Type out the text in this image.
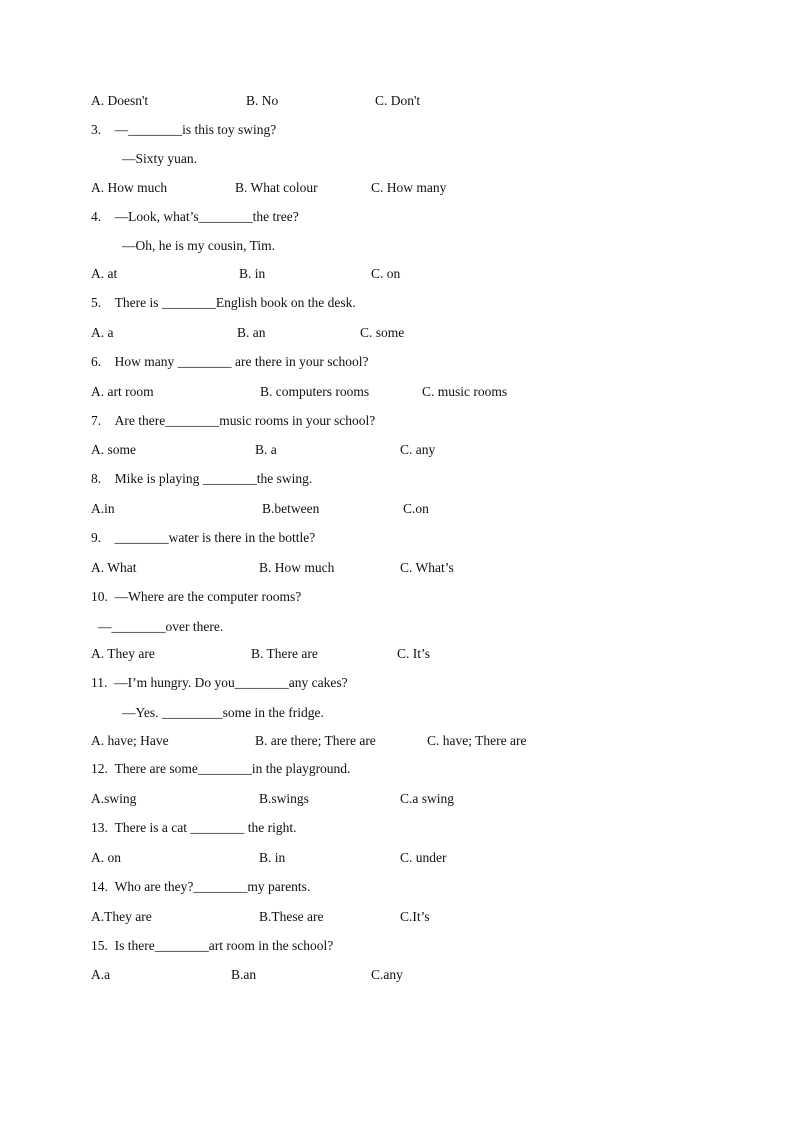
A. Doesn't	B. No	C. Don't
3.    —________is this toy swing?
—Sixty yuan.
A. How much	B. What colour	C. How many
4.    —Look, what’s________the tree?
—Oh, he is my cousin, Tim.
A. at	B. in	C. on
5.    There is ________English book on the desk.
A. a	B. an	C. some
6.    How many ________ are there in your school?
A. art room	B. computers rooms	C. music rooms
7.    Are there________music rooms in your school?
A. some	B. a	C. any
8.    Mike is playing ________the swing.
A.in	B.between	C.on
9.    ________water is there in the bottle?
A. What	B. How much	C. What’s
10.  —Where are the computer rooms?
—________over there.
A. They are	B. There are	C. It’s
11.  —I’m hungry. Do you________any cakes?
—Yes. _________some in the fridge.
A. have; Have	B. are there; There are	C. have; There are
12.  There are some________in the playground.
A.swing	B.swings	C.a swing
13.  There is a cat ________ the right.
A. on	B. in	C. under
14.  Who are they?________my parents.
A.They are	B.These are	C.It’s
15.  Is there________art room in the school?
A.a	B.an	C.any
